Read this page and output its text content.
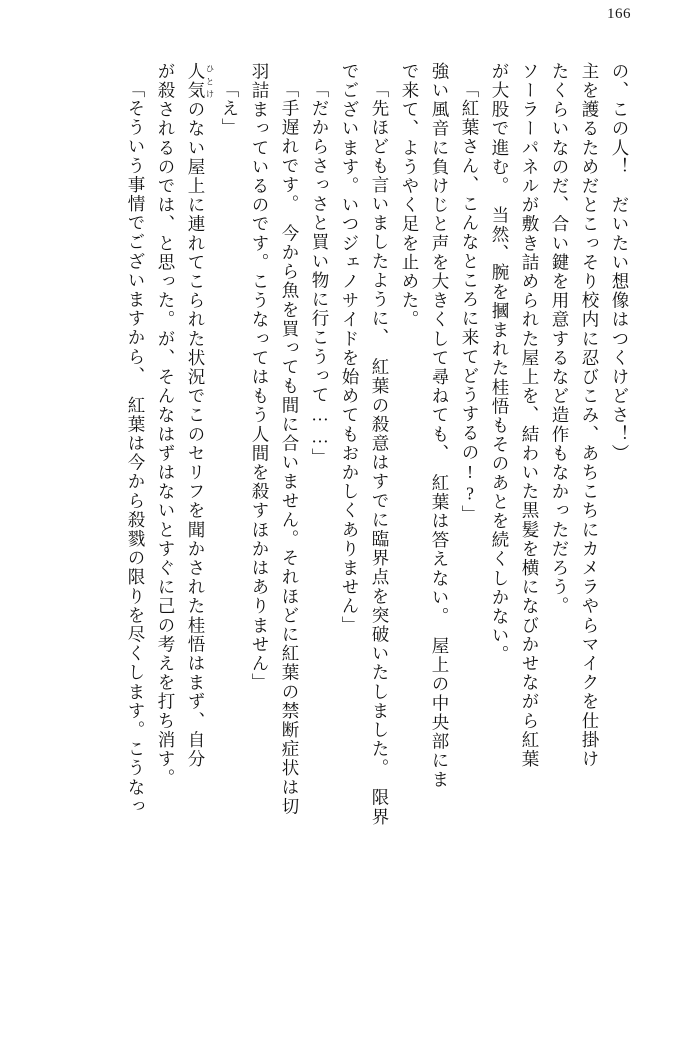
166
の、この人！　だいたい想像はつくけどさ！）
主を護るためだとこっそり校内に忍びこみ、あちこちにカメラやらマイクを仕掛け
たくらいなのだ、合い鍵を用意するなど造作もなかっただろう。
ソーラーパネルが敷き詰められた屋上を、結わいた黒髪を横になびかせながら紅葉
が大股で進む。　当然、腕を摑まれた桂悟もそのあとを続くしかない。
「紅葉さん、こんなところに来てどうするの!?」
強い風音に負けじと声を大きくして尋ねても、　紅葉は答えない。　屋上の中央部にま
で来て、ようやく足を止めた。
「先ほども言いましたように、　紅葉の殺意はすでに臨界点を突破いたしました。　限界
でございます。いつジェノサイドを始めてもおかしくありません」
「だからさっさと買い物に行こうって……」
「手遅れです。　今から魚を買っても間に合いません。それほどに紅葉の禁断症状は切
羽詰まっているのです。こうなってはもう人間を殺すほかはありません」
「え」
人気 ひとけのない屋上に連れてこられた状況でこのセリフを聞かされた桂悟はまず、自分
が殺されるのでは、と思った。が、そんなはずはないとすぐに己の考えを打ち消す。
「そういう事情でございますから、　紅葉は今から殺戮の限りを尽くします。こうなっ
